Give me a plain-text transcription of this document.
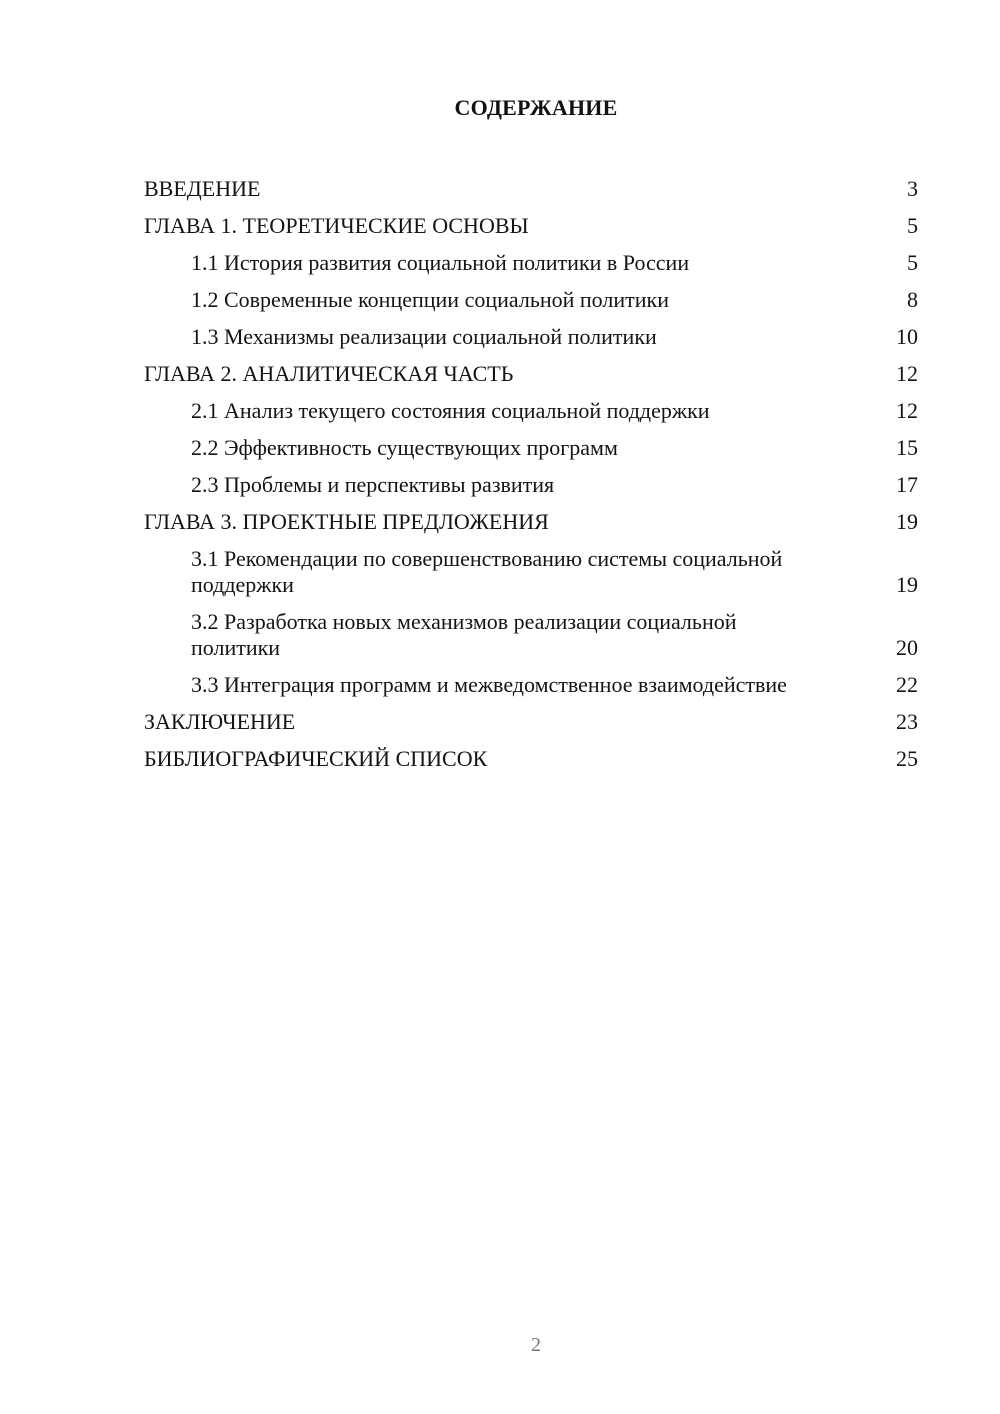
СОДЕРЖАНИЕ
ВВЕДЕНИЕ	3
ГЛАВА 1. ТЕОРЕТИЧЕСКИЕ ОСНОВЫ	5
1.1 История развития социальной политики в России	5
1.2 Современные концепции социальной политики	8
1.3 Механизмы реализации социальной политики	10
ГЛАВА 2. АНАЛИТИЧЕСКАЯ ЧАСТЬ	12
2.1 Анализ текущего состояния социальной поддержки	12
2.2 Эффективность существующих программ	15
2.3 Проблемы и перспективы развития	17
ГЛАВА 3. ПРОЕКТНЫЕ ПРЕДЛОЖЕНИЯ	19
3.1 Рекомендации по совершенствованию системы социальной поддержки	19
3.2 Разработка новых механизмов реализации социальной политики	20
3.3 Интеграция программ и межведомственное взаимодействие	22
ЗАКЛЮЧЕНИЕ	23
БИБЛИОГРАФИЧЕСКИЙ СПИСОК	25
2
